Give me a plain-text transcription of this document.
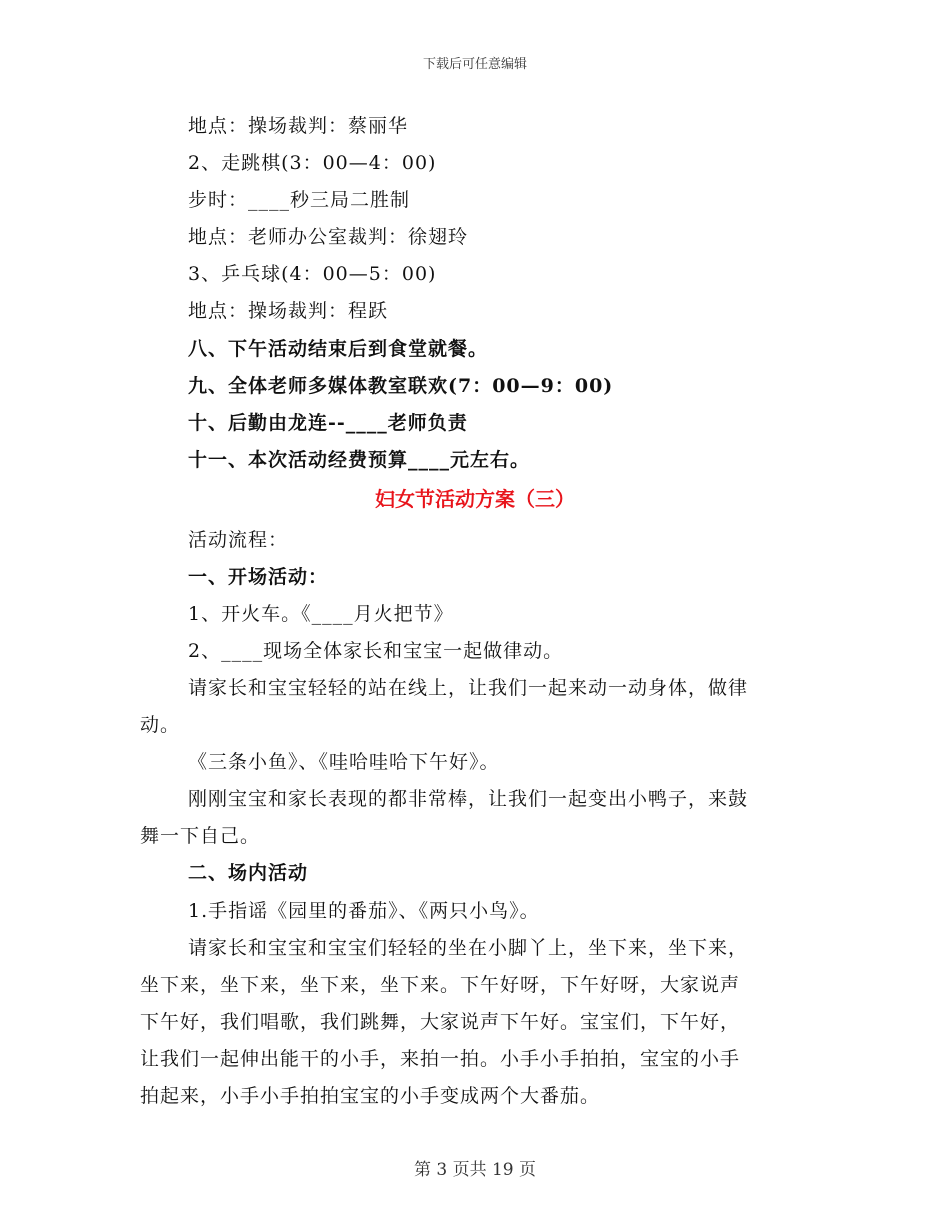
下载后可任意编辑
地点：操场裁判：蔡丽华
2、走跳棋(3：00—4：00)
步时：____秒三局二胜制
地点：老师办公室裁判：徐翅玲
3、乒乓球(4：00—5：00)
地点：操场裁判：程跃
八、下午活动结束后到食堂就餐。
九、全体老师多媒体教室联欢(7：00—9：00)
十、后勤由龙连--____老师负责
十一、本次活动经费预算____元左右。
妇女节活动方案（三）
活动流程：
一、开场活动：
1、开火车。《____月火把节》
2、____现场全体家长和宝宝一起做律动。
请家长和宝宝轻轻的站在线上，让我们一起来动一动身体，做律
动。
《三条小鱼》、《哇哈哇哈下午好》。
刚刚宝宝和家长表现的都非常棒，让我们一起变出小鸭子，来鼓
舞一下自己。
二、场内活动
1.手指谣《园里的番茄》、《两只小鸟》。
请家长和宝宝和宝宝们轻轻的坐在小脚丫上，坐下来，坐下来，
坐下来，坐下来，坐下来，坐下来。下午好呀，下午好呀，大家说声
下午好，我们唱歌，我们跳舞，大家说声下午好。宝宝们，下午好，
让我们一起伸出能干的小手，来拍一拍。小手小手拍拍，宝宝的小手
拍起来，小手小手拍拍宝宝的小手变成两个大番茄。
第 3 页共 19 页
